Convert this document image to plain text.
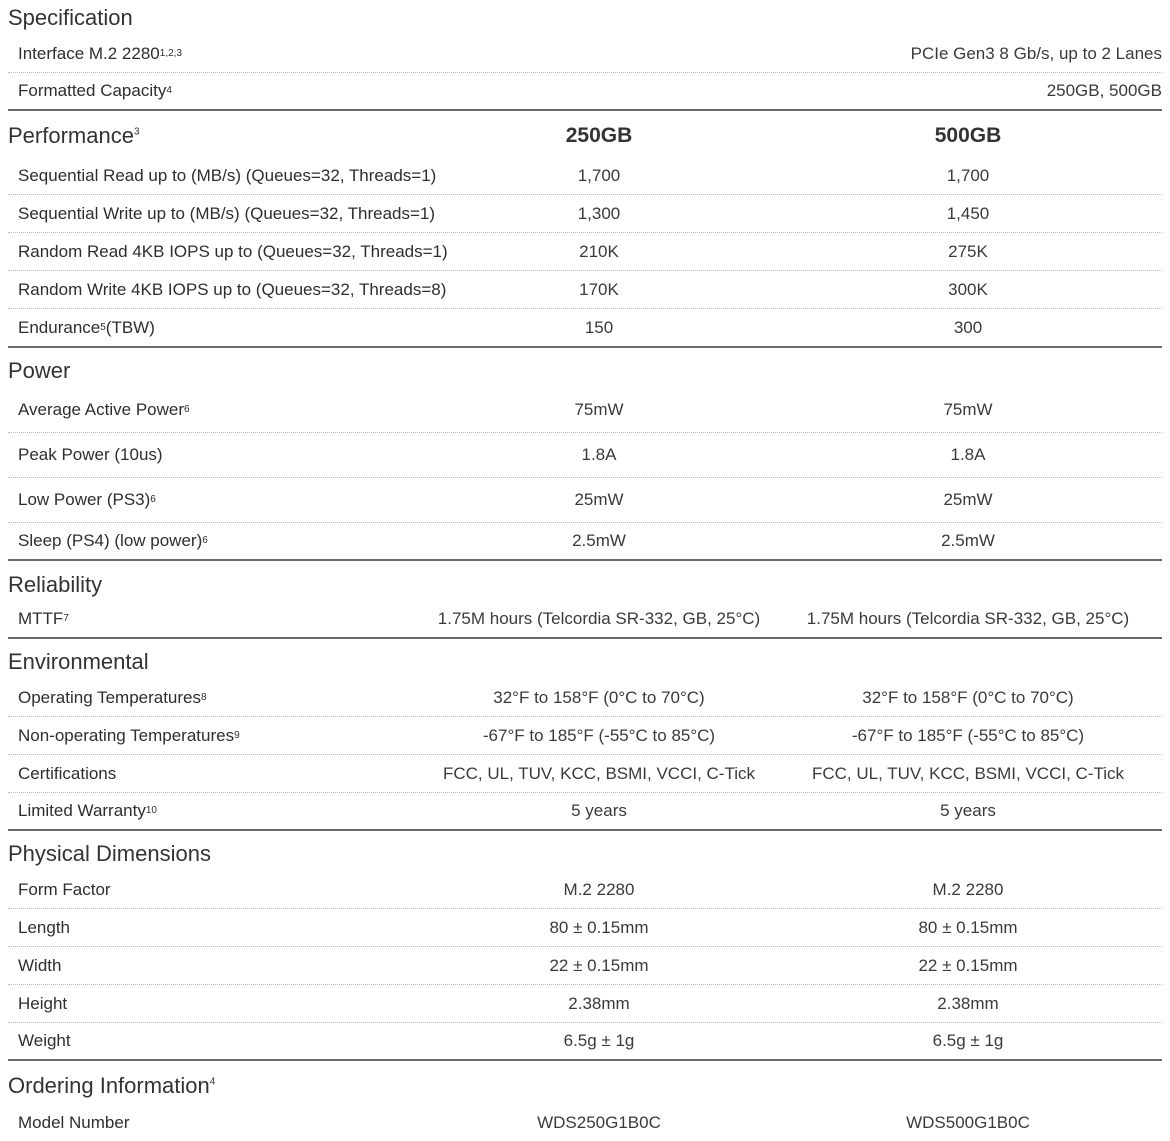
Specification
Interface M.2 2280 1,2,3	PCIe Gen3 8 Gb/s, up to 2 Lanes
Formatted Capacity 4	250GB, 500GB
Performance$^3$	250GB	500GB
Sequential Read up to (MB/s) (Queues=32, Threads=1)	1,700	1,700
Sequential Write up to (MB/s) (Queues=32, Threads=1)	1,300	1,450
Random Read 4KB IOPS up to (Queues=32, Threads=1)	210K	275K
Random Write 4KB IOPS up to (Queues=32, Threads=8)	170K	300K
Endurance 5 (TBW)	150	300
Power
Average Active Power 6	75mW	75mW
Peak Power (10us)	1.8A	1.8A
Low Power (PS3) 6	25mW	25mW
Sleep (PS4) (low power) 6	2.5mW	2.5mW
Reliability
MTTF 7	1.75M hours (Telcordia SR-332, GB, 25°C)	1.75M hours (Telcordia SR-332, GB, 25°C)
Environmental
Operating Temperatures 8	32°F to 158°F (0°C to 70°C)	32°F to 158°F (0°C to 70°C)
Non-operating Temperatures 9	-67°F to 185°F (-55°C to 85°C)	-67°F to 185°F (-55°C to 85°C)
Certifications	FCC, UL, TUV, KCC, BSMI, VCCI, C-Tick	FCC, UL, TUV, KCC, BSMI, VCCI, C-Tick
Limited Warranty 10	5 years	5 years
Physical Dimensions
Form Factor	M.2 2280	M.2 2280
Length	80 ± 0.15mm	80 ± 0.15mm
Width	22 ± 0.15mm	22 ± 0.15mm
Height	2.38mm	2.38mm
Weight	6.5g ± 1g	6.5g ± 1g
Ordering Information$^4$
Model Number	WDS250G1B0C	WDS500G1B0C
